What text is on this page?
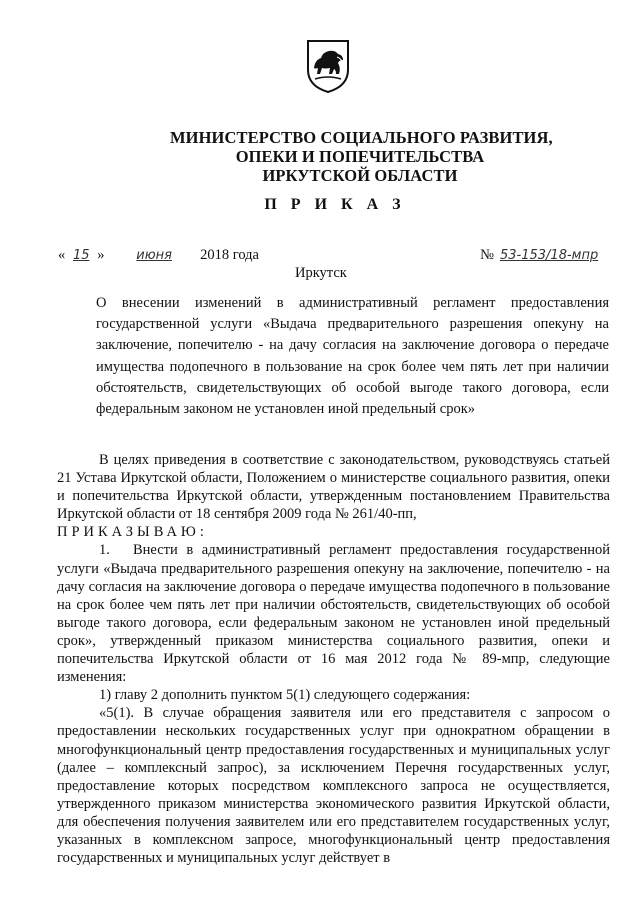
МИНИСТЕРСТВО СОЦИАЛЬНОГО РАЗВИТИЯ,
ОПЕКИ И ПОПЕЧИТЕЛЬСТВА
ИРКУТСКОЙ ОБЛАСТИ
П Р И К А З
« 15 » июня 2018 года	№ 53-153/18-мпр
Иркутск

О внесении изменений в административный регламент предоставления государственной услуги «Выдача предварительного разрешения опекуну на заключение, попечителю - на дачу согласия на заключение договора о передаче имущества подопечного в пользование на срок более чем пять лет при наличии обстоятельств, свидетельствующих об особой выгоде такого договора, если федеральным законом не установлен иной предельный срок»

В целях приведения в соответствие с законодательством, руководствуясь статьей 21 Устава Иркутской области, Положением о министерстве социального развития, опеки и попечительства Иркутской области, утвержденным постановлением Правительства Иркутской области от 18 сентября 2009 года № 261/40-пп,

ПРИКАЗЫВАЮ:

1. Внести в административный регламент предоставления государственной услуги «Выдача предварительного разрешения опекуну на заключение, попечителю - на дачу согласия на заключение договора о передаче имущества подопечного в пользование на срок более чем пять лет при наличии обстоятельств, свидетельствующих об особой выгоде такого договора, если федеральным законом не установлен иной предельный срок», утвержденный приказом министерства социального развития, опеки и попечительства Иркутской области от 16 мая 2012 года № 89-мпр, следующие изменения:

1) главу 2 дополнить пунктом 5(1) следующего содержания:

«5(1). В случае обращения заявителя или его представителя с запросом о предоставлении нескольких государственных услуг при однократном обращении в многофункциональный центр предоставления государственных и муниципальных услуг (далее – комплексный запрос), за исключением Перечня государственных услуг, предоставление которых посредством комплексного запроса не осуществляется, утвержденного приказом министерства экономического развития Иркутской области, для обеспечения получения заявителем или его представителем государственных услуг, указанных в комплексном запросе, многофункциональный центр предоставления государственных и муниципальных услуг действует в
